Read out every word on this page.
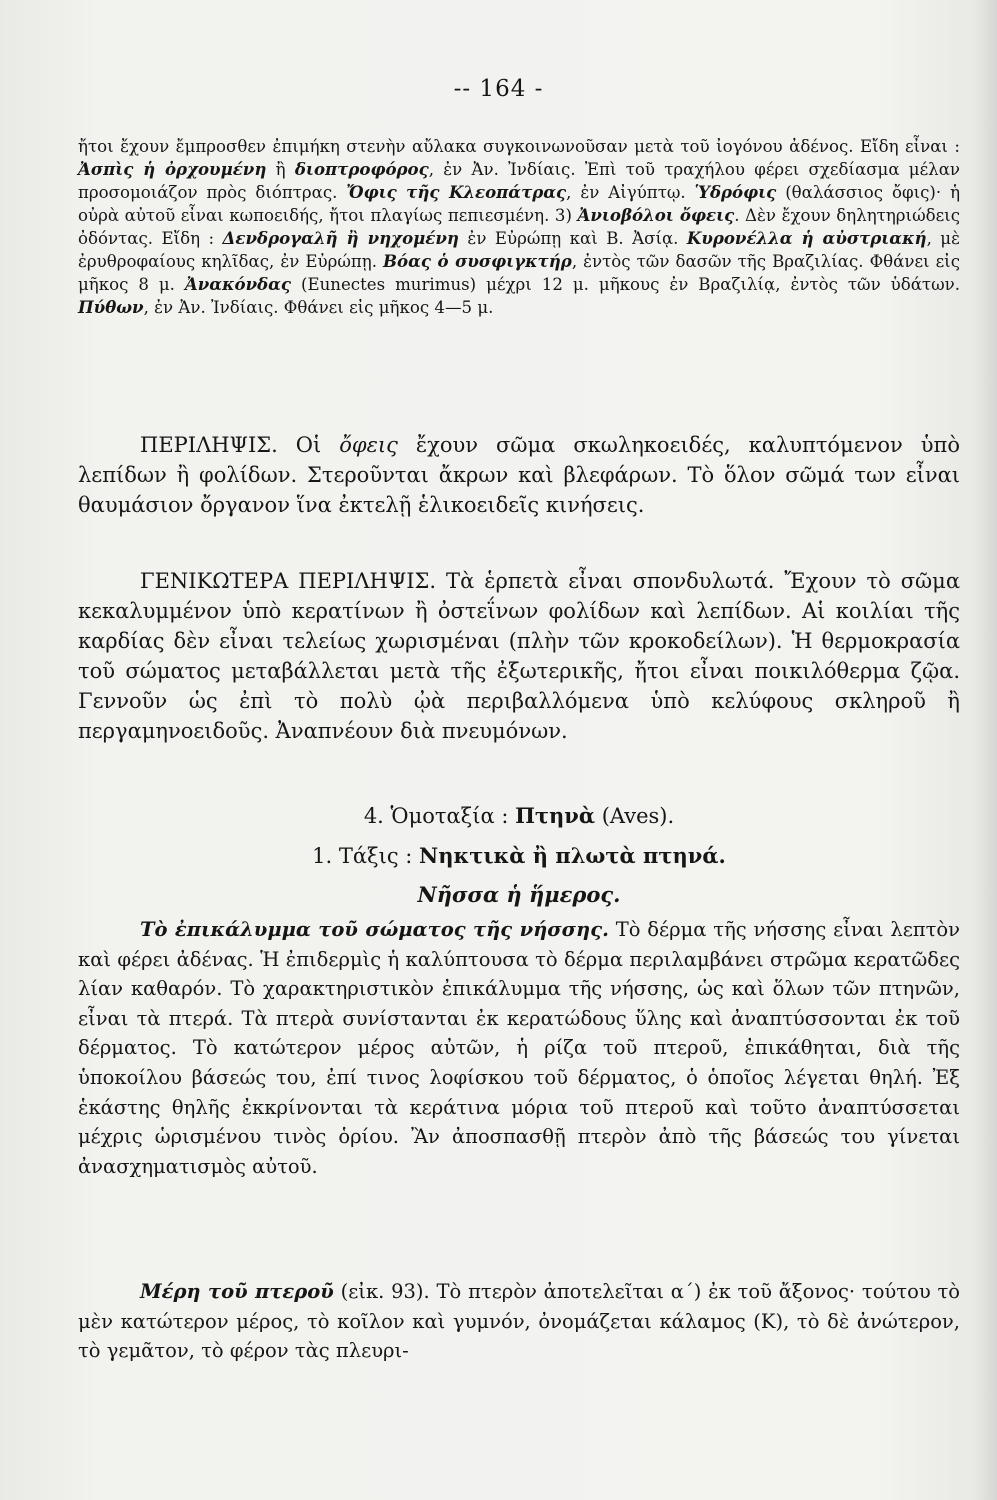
-- 164 -

ἤτοι ἔχουν ἔμπροσθεν ἐπιμήκη στενὴν αὔλακα συγκοινωνοῦσαν μετὰ τοῦ ἰογόνου ἀδένος. Εἴδη εἶναι : Ἀσπὶς ἡ ὀρχουμένη ἢ διοπτροφόρος, ἐν Ἀν. Ἰνδίαις. Ἐπὶ τοῦ τραχήλου φέρει σχεδίασμα μέλαν προσομοιάζον πρὸς διόπτρας. Ὄφις τῆς Κλεοπάτρας, ἐν Αἰγύπτῳ. Ὑδρόφις (θαλάσσιος ὄφις)· ἡ οὐρὰ αὐτοῦ εἶναι κωποειδής, ἤτοι πλαγίως πεπιεσμένη. 3) Ἀνιοβόλοι ὄφεις. Δὲν ἔχουν δηλητηριώδεις ὀδόντας. Εἴδη : Δενδρογαλῆ ἢ νηχομένη ἐν Εὐρώπῃ καὶ Β. Ἀσίᾳ. Κυρονέλλα ἡ αὐστριακή, μὲ ἐρυθροφαίους κηλῖδας, ἐν Εὐρώπῃ. Βόας ὁ συσφιγκτήρ, ἐντὸς τῶν δασῶν τῆς Βραζιλίας. Φθάνει εἰς μῆκος 8 μ. Ἀνακόνδας (Eunectes murimus) μέχρι 12 μ. μῆκους ἐν Βραζιλίᾳ, ἐντὸς τῶν ὑδάτων. Πύθων, ἐν Ἀν. Ἰνδίαις. Φθάνει εἰς μῆκος 4—5 μ.

ΠΕΡΙΛΗΨΙΣ. Οἱ ὄφεις ἔχουν σῶμα σκωληκοειδές, καλυπτόμενον ὑπὸ λεπίδων ἢ φολίδων. Στεροῦνται ἄκρων καὶ βλεφάρων. Τὸ ὅλον σῶμά των εἶναι θαυμάσιον ὄργανον ἵνα ἐκτελῇ ἑλικοειδεῖς κινήσεις.

ΓΕΝΙΚΩΤΕΡΑ ΠΕΡΙΛΗΨΙΣ. Τὰ ἑρπετὰ εἶναι σπονδυλωτά. Ἔχουν τὸ σῶμα κεκαλυμμένον ὑπὸ κερατίνων ἢ ὀστεΐνων φολίδων καὶ λεπίδων. Αἱ κοιλίαι τῆς καρδίας δὲν εἶναι τελείως χωρισμέναι (πλὴν τῶν κροκοδείλων). Ἡ θερμοκρασία τοῦ σώματος μεταβάλλεται μετὰ τῆς ἐξωτερικῆς, ἤτοι εἶναι ποικιλόθερμα ζῷα. Γεννοῦν ὡς ἐπὶ τὸ πολὺ ᾠὰ περιβαλλόμενα ὑπὸ κελύφους σκληροῦ ἢ περγαμηνοειδοῦς. Ἀναπνέουν διὰ πνευμόνων.

4. Ὁμοταξία : Πτηνὰ (Aves).
1. Τάξις : Νηκτικὰ ἢ πλωτὰ πτηνά.
Νῆσσα ἡ ἥμερος.

Τὸ ἐπικάλυμμα τοῦ σώματος τῆς νήσσης. Τὸ δέρμα τῆς νήσσης εἶναι λεπτὸν καὶ φέρει ἀδένας. Ἡ ἐπιδερμὶς ἡ καλύπτουσα τὸ δέρμα περιλαμβάνει στρῶμα κερατῶδες λίαν καθαρόν. Τὸ χαρακτηριστικὸν ἐπικάλυμμα τῆς νήσσης, ὡς καὶ ὅλων τῶν πτηνῶν, εἶναι τὰ πτερά. Τὰ πτερὰ συνίστανται ἐκ κερατώδους ὕλης καὶ ἀναπτύσσονται ἐκ τοῦ δέρματος. Τὸ κατώτερον μέρος αὐτῶν, ἡ ρίζα τοῦ πτεροῦ, ἐπικάθηται, διὰ τῆς ὑποκοίλου βάσεώς του, ἐπί τινος λοφίσκου τοῦ δέρματος, ὁ ὁποῖος λέγεται θηλή. Ἐξ ἑκάστης θηλῆς ἐκκρίνονται τὰ κεράτινα μόρια τοῦ πτεροῦ καὶ τοῦτο ἀναπτύσσεται μέχρις ὡρισμένου τινὸς ὁρίου. Ἂν ἀποσπασθῇ πτερὸν ἀπὸ τῆς βάσεώς του γίνεται ἀνασχηματισμὸς αὐτοῦ.

Μέρη τοῦ πτεροῦ (εἰκ. 93). Τὸ πτερὸν ἀποτελεῖται α΄) ἐκ τοῦ ἄξονος· τούτου τὸ μὲν κατώτερον μέρος, τὸ κοῖλον καὶ γυμνόν, ὀνομάζεται κάλαμος (Κ), τὸ δὲ ἀνώτερον, τὸ γεμᾶτον, τὸ φέρον τὰς πλευρι-
